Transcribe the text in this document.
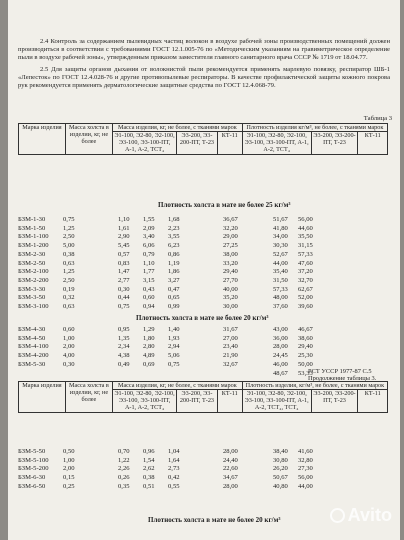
2.4 Контроль за содержанием пылевидных частиц волокон в воздухе рабочей зоны производственных помещений должен производиться в соответствии с требованиями ГОСТ 12.1.005-76 по «Методическим указаниям на гравиметрическое определение пыли в воздухе рабочей зоны», утвержденным приказом заместителя главного санитарного врача СССР № 1719 от 18.04.77.

2.5 Для защиты органов дыхания от волокнистой пыли рекомендуется применять марлевую повязку, респиратор ШБ-1 «Лепесток» по ГОСТ 12.4.028-76 и другие противопылевые респираторы. В качестве профилактической защиты кожного покрова рук рекомендуется применять дерматологические защитные средства по ГОСТ 12.4.068-79.

Таблица 3
Марка изделия	Масса холста в изделии, кг, не более	Масса изделия, кг, не более, с тканями марок			Плотность изделия кг/м³, не более, с тканями марок		
		Э1-100, Э2-80, Э2-100, Э3-100, Э3-100-ПТ, А-1, А-2, ТСТ₄	Э3-200, Э3-200-ПТ, Т-23	КТ-11	Э1-100, Э2-80, Э2-100, Э3-100, Э3-100-ПТ, А-1, А-2, ТСТ₄	Э3-200, Э3-200-ПТ, Т-23	КТ-11
Плотность холста в мате не более 25 кг/м³
БЗМ-1-30	0,75	1,10 1,55 1,68	36,67	51,67 56,00
БЗМ-1-50	1,25	1,61 2,09 2,23	32,20	41,80 44,60
БЗМ-1-100 2,50	2,90 3,40 3,55	29,00	34,00 35,50
БЗМ-1-200 5,00	5,45 6,06 6,23	27,25	30,30 31,15
БЗМ-2-30	0,38	0,57 0,79 0,86	38,00	52,67 57,33
БЗМ-2-50	0,63	0,83 1,10 1,19	33,20	44,00 47,60
БЗМ-2-100 1,25	1,47 1,77 1,86	29,40	35,40 37,20
БЗМ-2-200 2,50	2,77 3,15 3,27	27,70	31,50 32,70
БЗМ-3-30	0,19	0,30 0,43 0,47	40,00	57,33 62,67
БЗМ-3-50	0,32	0,44 0,60 0,65	35,20	48,00 52,00
БЗМ-3-100 0,63	0,75 0,94 0,99	30,00	37,60 39,60
Плотность холста в мате не более 20 кг/м³
БЗМ-4-30	0,60	0,95 1,29 1,40	31,67	43,00 46,67
БЗМ-4-50	1,00	1,35 1,80 1,93	27,00	36,00 38,60
БЗМ-4-100 2,00	2,34 2,80 2,94	23,40	28,00 29,40
БЗМ-4-200 4,00	4,38 4,89 5,06	21,90	24,45 25,30
БЗМ-5-30	0,30	0,49 0,69 0,75	32,67	46,00 50,00
48,67 53,33
РСТ УССР 1977-87 С.5
Продолжение таблицы 3.
Марка изделия	Масса холста в изделии, кг, не более	Масса изделия, кг, не более, с тканями марок			Плотность изделия, кг/м³, не более, с тканями марок		
		Э1-100, Э2-80, Э2-100, Э3-100, Э3-100-ПТ, А-1, А-2, ТСТ₄	Э3-200, Э3-200-ПТ, Т-23	КТ-11	Э1-100, Э2-80, Э2-100, Э3-100, Э3-100-ПТ, А-1, А-2, ТСТ₄, ТСТ₄	Э3-200, Э3-200-ПТ, Т-23	КТ-11
БЗМ-5-50	0,50	0,70 0,96 1,04	28,00	38,40 41,60
БЗМ-5-100 1,00	1,22 1,54 1,64	24,40	30,80 32,80
БЗМ-5-200 2,00	2,26 2,62 2,73	22,60	26,20 27,30
БЗМ-6-30	0,15	0,26 0,38 0,42	34,67	50,67 56,00
БЗМ-6-50	0,25	0,35 0,51 0,55	28,00	40,80 44,00
Плотность холста в мате не более 20 кг/м³	Avito
